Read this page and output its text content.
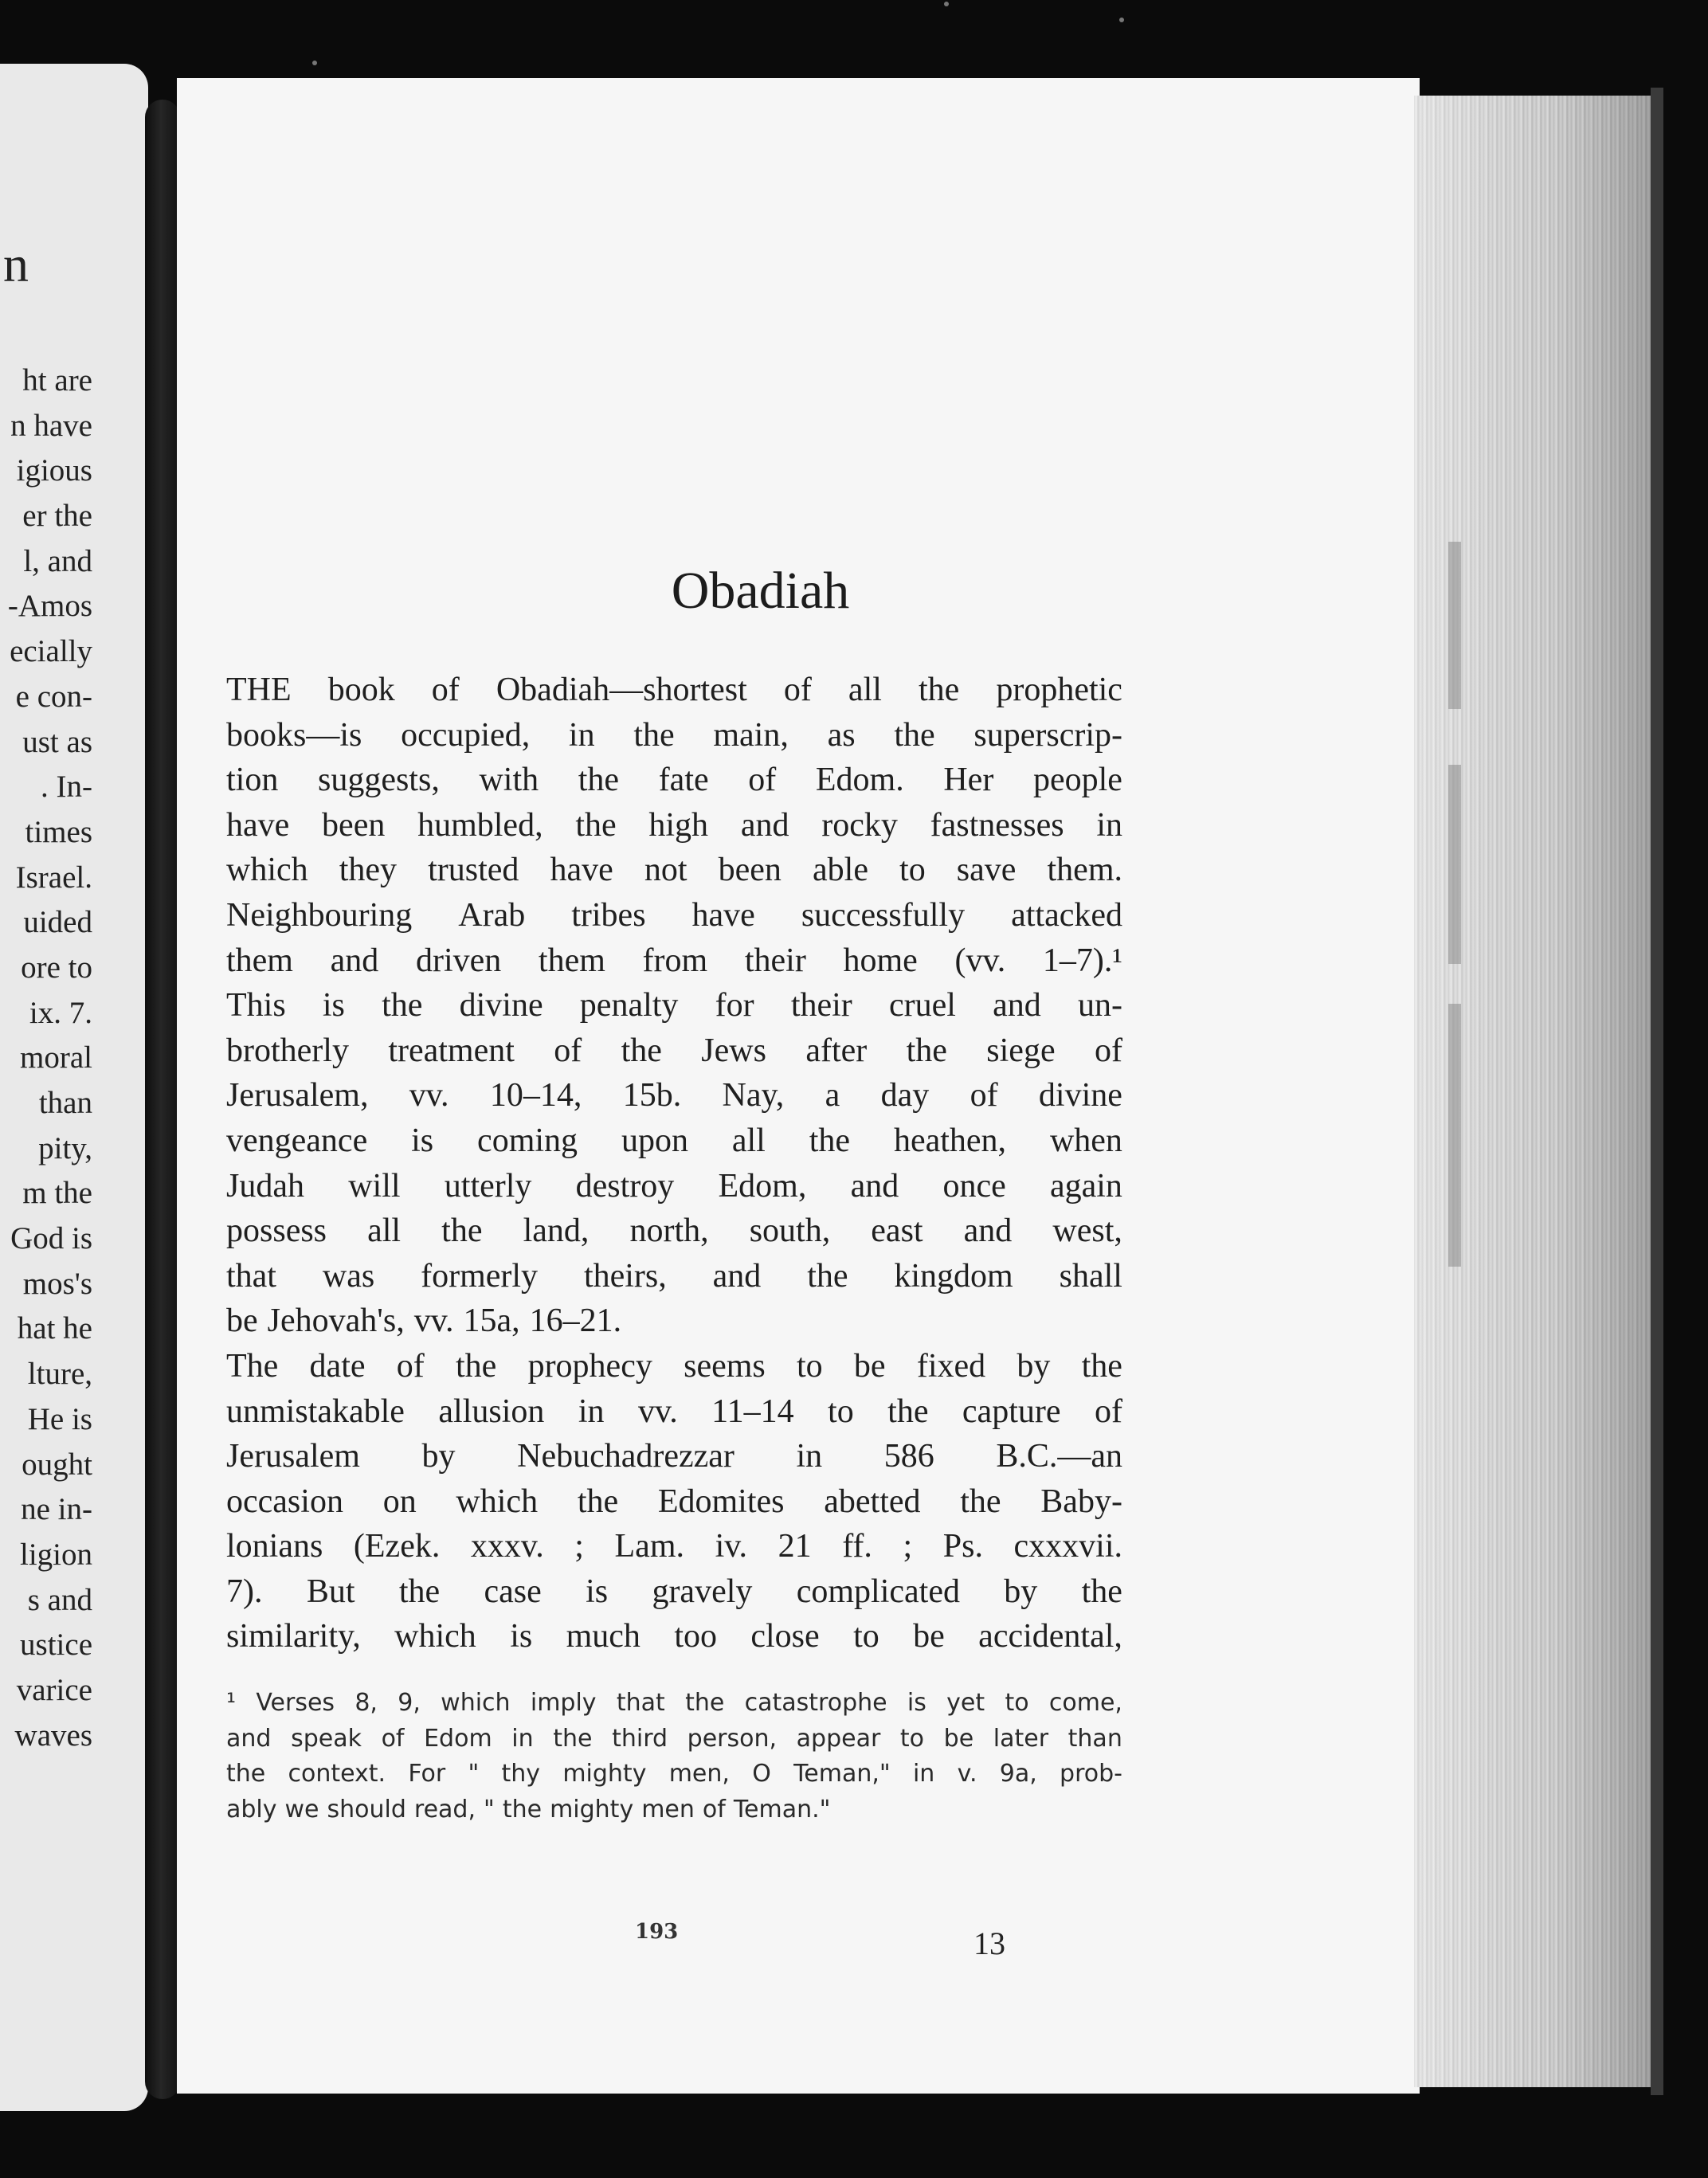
n
ht are
n have
igious
er the
l, and
-Amos
ecially
e con-
ust as
. In-
times
Israel.
uided
ore to
ix. 7.
moral
than
pity,
m the
God is
mos's
hat he
lture,
He is
ought
ne in-
ligion
s and
ustice
varice
waves
Obadiah
THE book of Obadiah—shortest of all the prophetic
books—is occupied, in the main, as the superscrip-
tion suggests, with the fate of Edom. Her people
have been humbled, the high and rocky fastnesses in
which they trusted have not been able to save them.
Neighbouring Arab tribes have successfully attacked
them and driven them from their home (vv. 1–7).¹
This is the divine penalty for their cruel and un-
brotherly treatment of the Jews after the siege of
Jerusalem, vv. 10–14, 15b. Nay, a day of divine
vengeance is coming upon all the heathen, when
Judah will utterly destroy Edom, and once again
possess all the land, north, south, east and west,
that was formerly theirs, and the kingdom shall
be Jehovah's, vv. 15a, 16–21.
The date of the prophecy seems to be fixed by the
unmistakable allusion in vv. 11–14 to the capture of
Jerusalem by Nebuchadrezzar in 586 B.C.—an
occasion on which the Edomites abetted the Baby-
lonians (Ezek. xxxv. ; Lam. iv. 21 ff. ; Ps. cxxxvii.
7). But the case is gravely complicated by the
similarity, which is much too close to be accidental,
¹ Verses 8, 9, which imply that the catastrophe is yet to come,
and speak of Edom in the third person, appear to be later than
the context. For " thy mighty men, O Teman," in v. 9a, prob-
ably we should read, " the mighty men of Teman."
193	13
